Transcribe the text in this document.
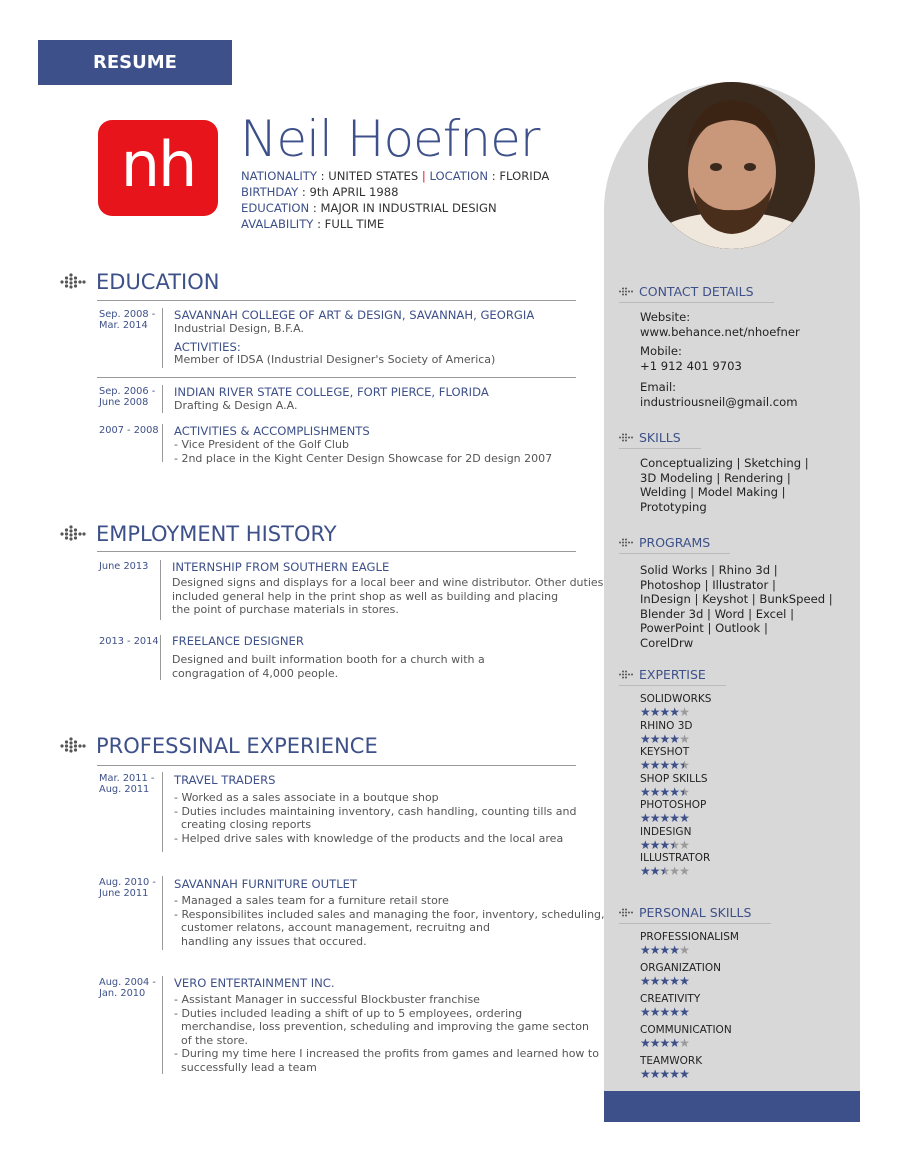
RESUME
nh Neil Hoefner
NATIONALITY : UNITED STATES | LOCATION : FLORIDA
BIRTHDAY : 9th APRIL 1988
EDUCATION : MAJOR IN INDUSTRIAL DESIGN
AVALABILITY : FULL TIME
CONTACT DETAILS
Website:
www.behance.net/nhoefner
Mobile:
+1 912 401 9703
Email:
industriousneil@gmail.com
SKILLS
Conceptualizing | Sketching |
3D Modeling | Rendering |
Welding | Model Making |
Prototyping
PROGRAMS
Solid Works | Rhino 3d |
Photoshop | Illustrator |
InDesign | Keyshot | BunkSpeed |
Blender 3d | Word | Excel |
PowerPoint | Outlook |
CorelDrw
EXPERTISE
SOLIDWORKS
★★★★★
RHINO 3D
★★★★★
KEYSHOT
★★★★★
SHOP SKILLS
★★★★★
PHOTOSHOP
★★★★★
INDESIGN
★★★★★
ILLUSTRATOR
★★★★★
PERSONAL SKILLS
PROFESSIONALISM
★★★★★
ORGANIZATION
★★★★★
CREATIVITY
★★★★★
COMMUNICATION
★★★★★
TEAMWORK
★★★★★
EDUCATION
Sep. 2008 -
Mar. 2014
SAVANNAH COLLEGE OF ART & DESIGN, SAVANNAH, GEORGIA
Industrial Design, B.F.A.
ACTIVITIES:
Member of IDSA (Industrial Designer's Society of America)
Sep. 2006 -
June 2008
INDIAN RIVER STATE COLLEGE, FORT PIERCE, FLORIDA
Drafting & Design A.A.
2007 - 2008 ACTIVITIES & ACCOMPLISHMENTS
- Vice President of the Golf Club
- 2nd place in the Kight Center Design Showcase for 2D design 2007
EMPLOYMENT HISTORY
June 2013 INTERNSHIP FROM SOUTHERN EAGLE
Designed signs and displays for a local beer and wine distributor. Other duties
included general help in the print shop as well as building and placing
the point of purchase materials in stores.
2013 - 2014 FREELANCE DESIGNER
Designed and built information booth for a church with a
congragation of 4,000 people.
PROFESSINAL EXPERIENCE
Mar. 2011 -
Aug. 2011
TRAVEL TRADERS
- Worked as a sales associate in a boutque shop
- Duties includes maintaining inventory, cash handling, counting tills and
creating closing reports
- Helped drive sales with knowledge of the products and the local area
Aug. 2010 -
June 2011
SAVANNAH FURNITURE OUTLET
- Managed a sales team for a furniture retail store
- Responsibilites included sales and managing the foor, inventory, scheduling,
customer relatons, account management, recruitng and
handling any issues that occured.
Aug. 2004 -
Jan. 2010
VERO ENTERTAINMENT INC.
- Assistant Manager in successful Blockbuster franchise
- Duties included leading a shift of up to 5 employees, ordering
merchandise, loss prevention, scheduling and improving the game secton
of the store.
- During my time here I increased the profits from games and learned how to
successfully lead a team
